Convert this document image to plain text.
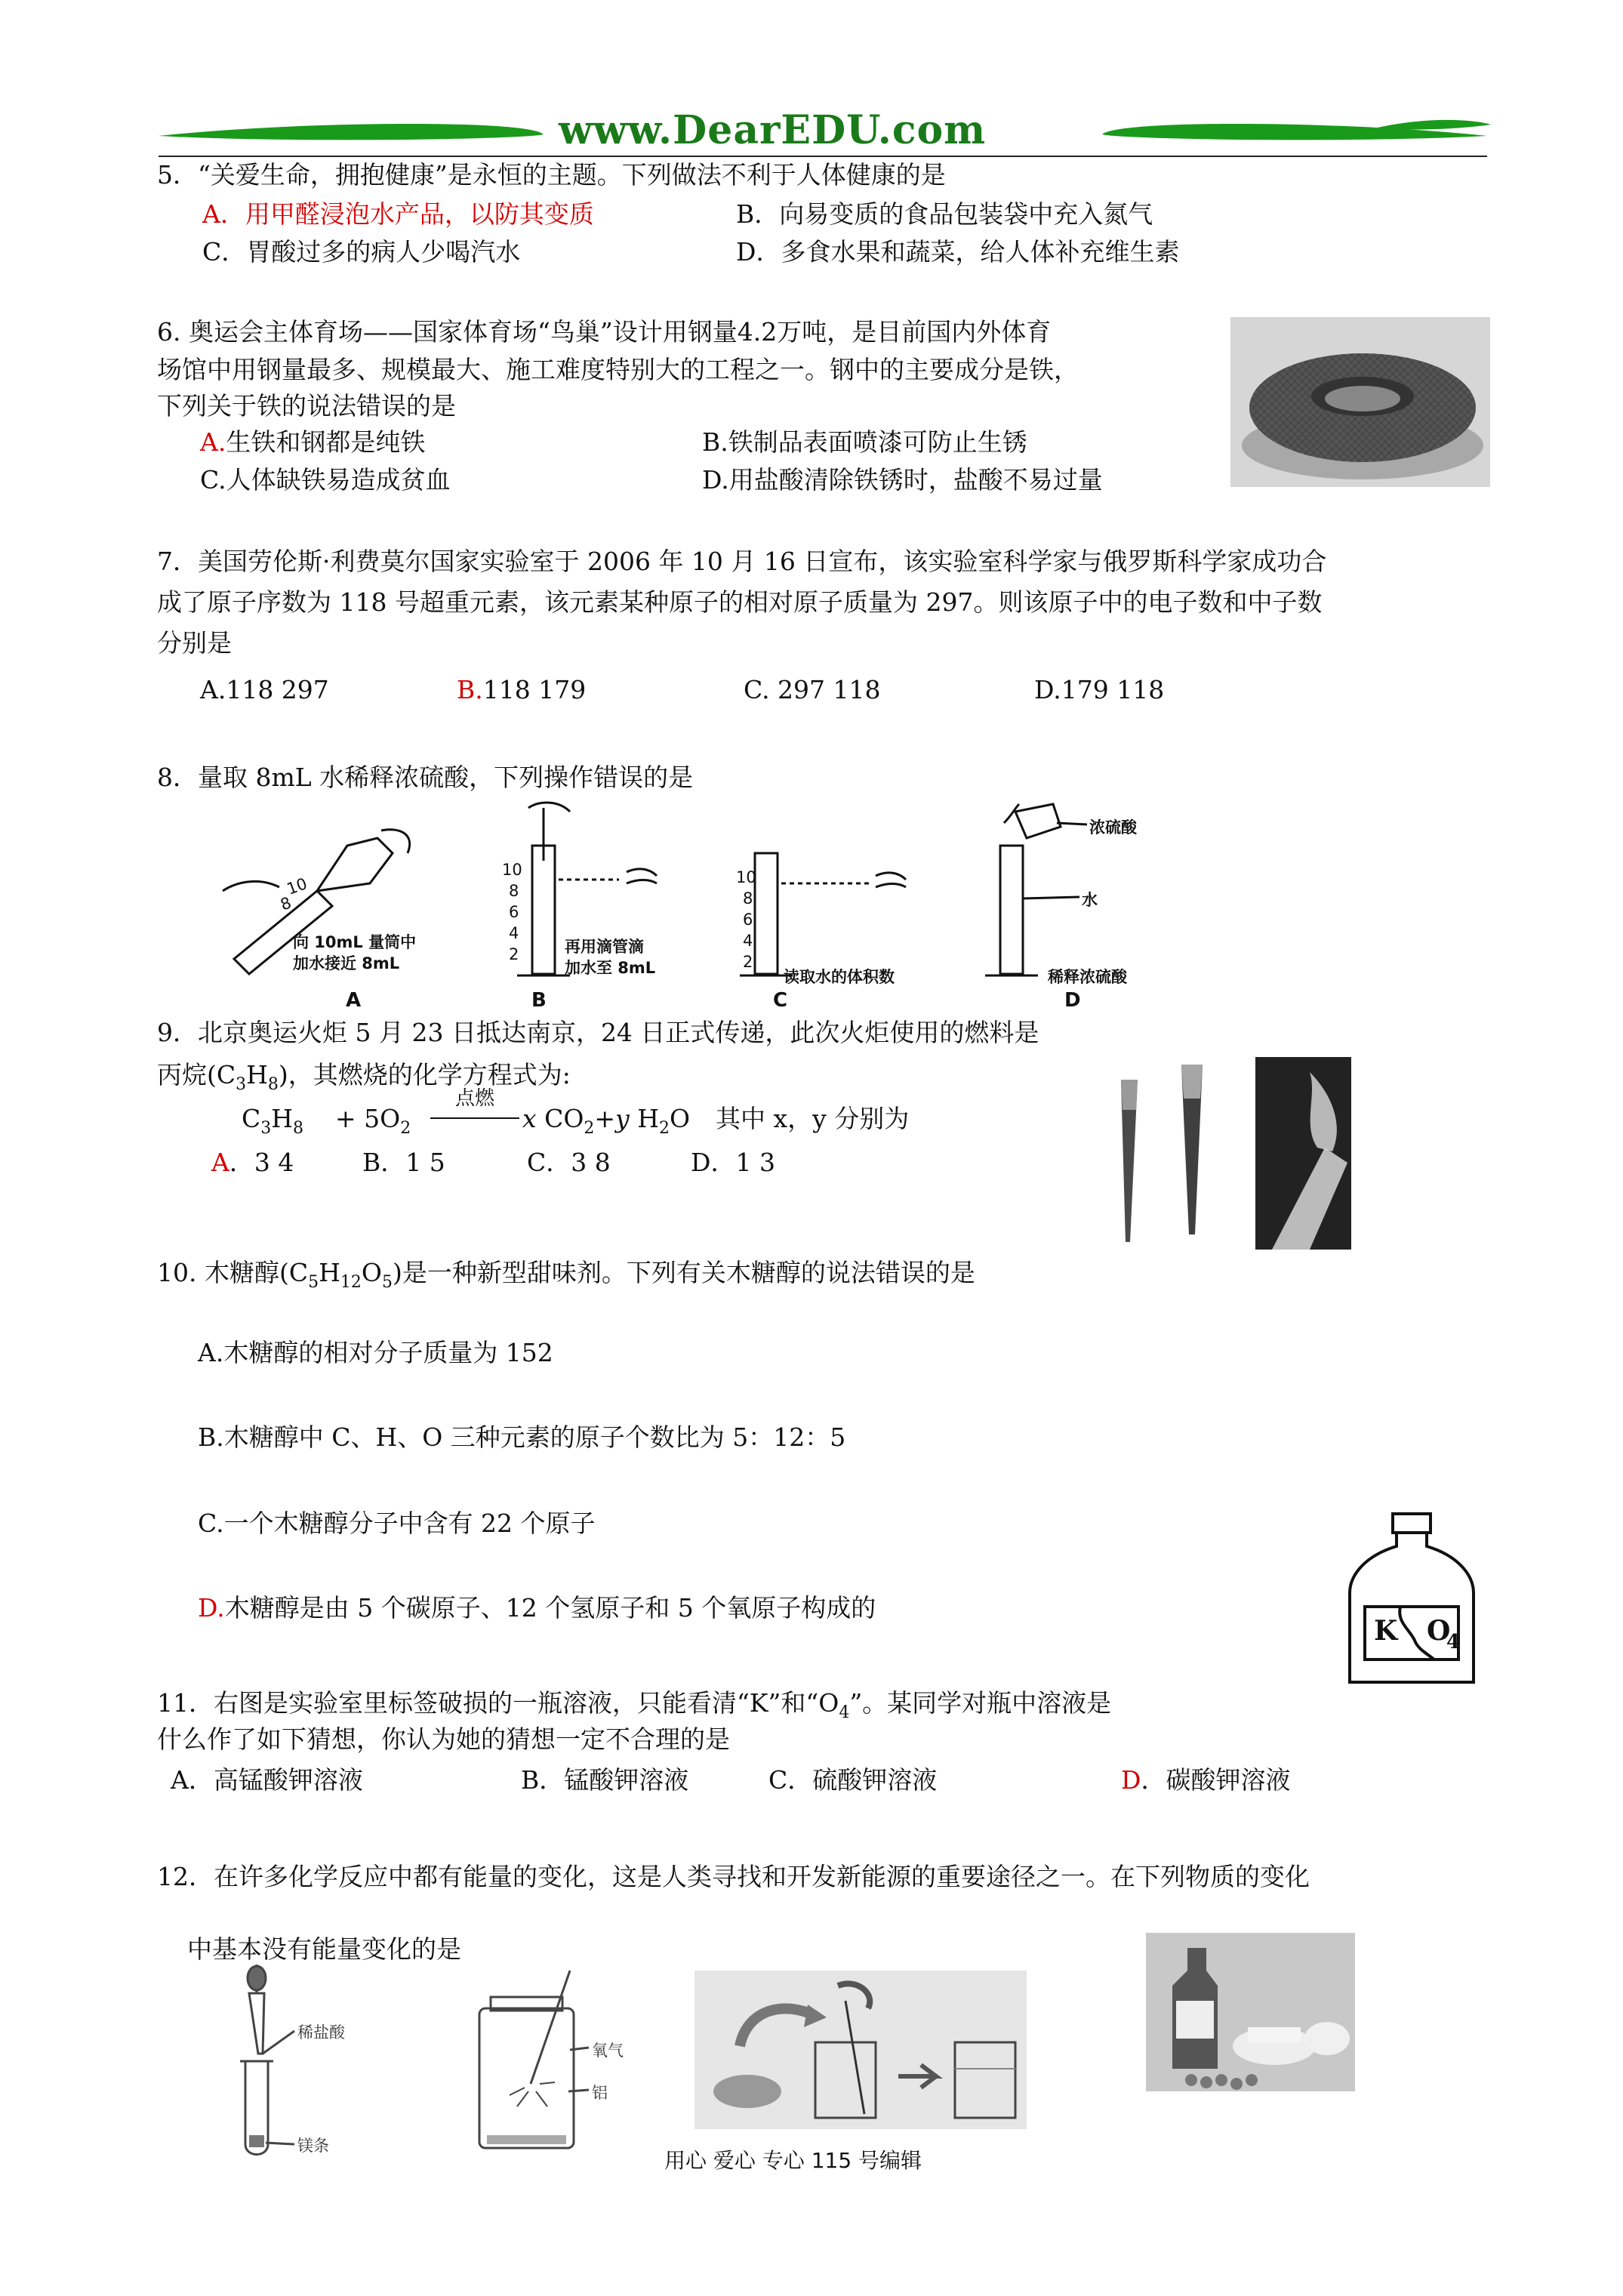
www.DearEDU.com
5．“关爱生命，拥抱健康”是永恒的主题。下列做法不利于人体健康的是
A．用甲醛浸泡水产品，以防其变质	B．向易变质的食品包装袋中充入氮气
C．胃酸过多的病人少喝汽水	D．多食水果和蔬菜，给人体补充维生素
6. 奥运会主体育场——国家体育场“鸟巢”设计用钢量4.2万吨，是目前国内外体育
场馆中用钢量最多、规模最大、施工难度特别大的工程之一。钢中的主要成分是铁，
下列关于铁的说法错误的是
A.生铁和钢都是纯铁	B.铁制品表面喷漆可防止生锈
C.人体缺铁易造成贫血	D.用盐酸清除铁锈时，盐酸不易过量
7．美国劳伦斯·利费莫尔国家实验室于 2006 年 10 月 16 日宣布，该实验室科学家与俄罗斯科学家成功合
成了原子序数为 118 号超重元素，该元素某种原子的相对原子质量为 297。则该原子中的电子数和中子数
分别是
A.118 297	B.118 179	C. 297 118	D.179 118
8．量取 8mL 水稀释浓硫酸，下列操作错误的是
10
8
向 10mL 量筒中
加水接近 8mL
A
10
8
6
4
2	再用滴管滴
加水至 8mL
B
10
8
6
4
2
读取水的体积数
C
浓硫酸
水
稀释浓硫酸
D
9．北京奥运火炬 5 月 23 日抵达南京，24 日正式传递，此次火炬使用的燃料是
丙烷$(C_3H_8)$，其燃烧的化学方程式为:
$C_3H_8 + 5O_2$
点燃
x $CO_2+y$ $H_2O$ 其中 x，y 分别为
A．3 4	B．1 5	C．3 8	D．1 3
10. 木糖醇$(C_5H_{12}O_5)$是一种新型甜味剂。下列有关木糖醇的说法错误的是
A.木糖醇的相对分子质量为 152
B.木糖醇中 C、H、O 三种元素的原子个数比为 5：12：5
C.一个木糖醇分子中含有 22 个原子
D.木糖醇是由 5 个碳原子、12 个氢原子和 5 个氧原子构成的
K O
4
11．右图是实验室里标签破损的一瓶溶液，只能看清“K”和“$O_4$”。某同学对瓶中溶液是
什么作了如下猜想，你认为她的猜想一定不合理的是
A．高锰酸钾溶液	B．锰酸钾溶液	C．硫酸钾溶液	D．碳酸钾溶液
12．在许多化学反应中都有能量的变化，这是人类寻找和开发新能源的重要途径之一。在下列物质的变化
中基本没有能量变化的是
稀盐酸
镁条
氧气
铝
用心 爱心 专心 115 号编辑
